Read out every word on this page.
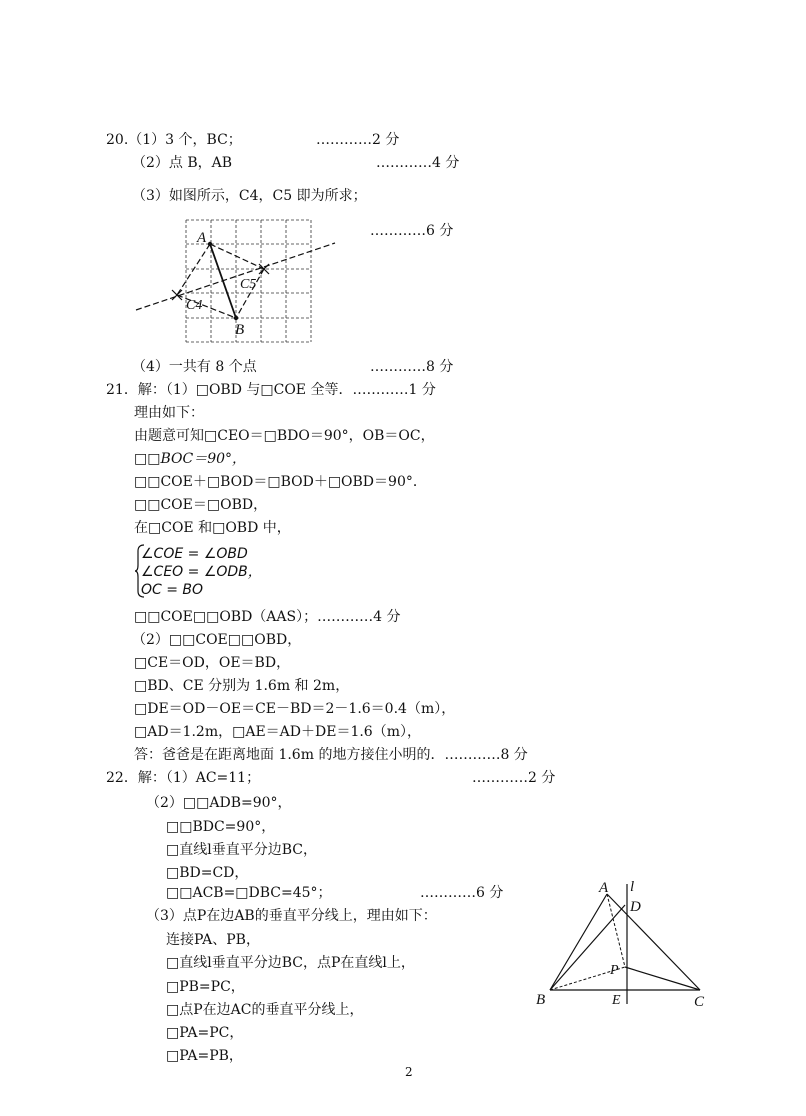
20.（1）3 个，BC；	…………2 分
（2）点 B，AB	…………4 分
（3）如图所示，C4，C5 即为所求；
…………6 分
A
B
C4
C5
（4）一共有 8 个点	…………8 分
21．解：（1）□OBD 与□COE 全等．…………1 分
理由如下：
由题意可知□CEO＝□BDO＝90°，OB＝OC，
□□BOC＝90°，
□□COE＋□BOD＝□BOD＋□OBD＝90°．
□□COE＝□OBD，
在□COE 和□OBD 中，
∠COE = ∠OBD
∠CEO = ∠ODB，
OC = BO
□□COE□□OBD（AAS）；…………4 分
（2）□□COE□□OBD，
□CE＝OD，OE＝BD，
□BD、CE 分别为 1.6m 和 2m，
□DE＝OD－OE＝CE－BD＝2－1.6＝0.4（m），
□AD＝1.2m，□AE＝AD＋DE＝1.6（m），
答：爸爸是在距离地面 1.6m 的地方接住小明的．…………8 分
22．解：（1）AC=11；	…………2 分
（2）□□ADB=90°，
□□BDC=90°，
□直线l垂直平分边BC，
□BD=CD，
□□ACB=□DBC=45°；	…………6 分
（3）点P在边AB的垂直平分线上，理由如下：
连接PA、PB，
□直线l垂直平分边BC，点P在直线l上，
□PB=PC，
□点P在边AC的垂直平分线上，
□PA=PC，
□PA=PB，
A l
D
P
B	E	C
2
